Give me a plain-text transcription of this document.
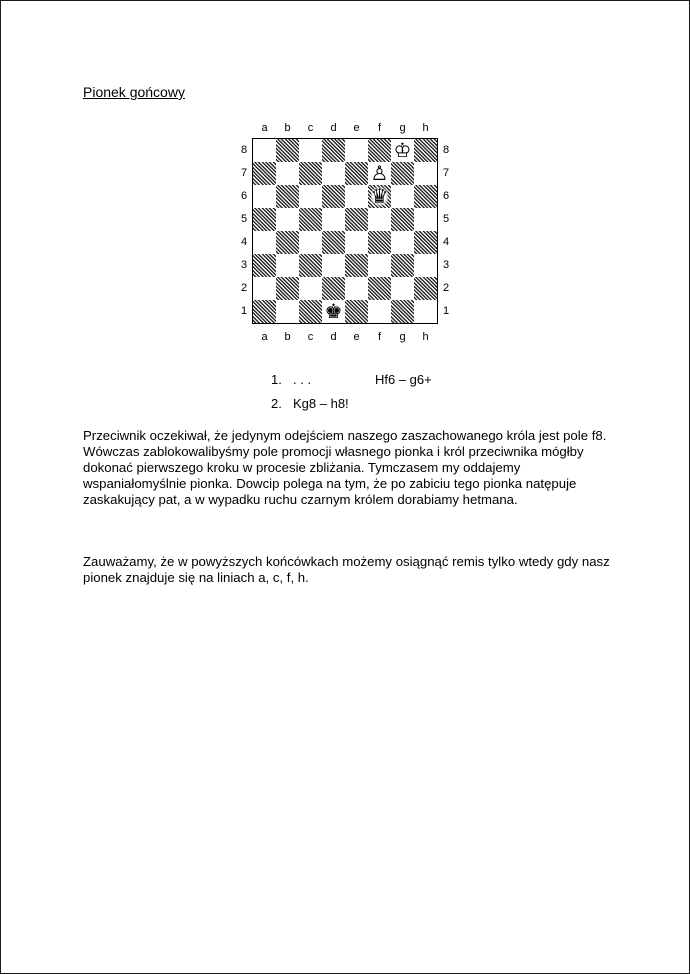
Pionek gońcowy
a	b	c	d	e	f	g	h
8
7
6
5
4
3
2
1
♔
♙
♛
♚
8
7
6
5
4
3
2
1
a	b	c	d	e	f	g	h
1. . . .	Hf6 – g6+
2. Kg8 – h8!
Przeciwnik oczekiwał, że jedynym odejściem naszego zaszachowanego króla jest pole f8. Wówczas zablokowalibyśmy pole promocji własnego pionka i król przeciwnika mógłby dokonać pierwszego kroku w procesie zbliżania. Tymczasem my oddajemy wspaniałomyślnie pionka. Dowcip polega na tym, że po zabiciu tego pionka natępuje zaskakujący pat, a w wypadku ruchu czarnym królem dorabiamy hetmana.
Zauważamy, że w powyższych końcówkach możemy osiągnąć remis tylko wtedy gdy nasz pionek znajduje się na liniach a, c, f, h.
